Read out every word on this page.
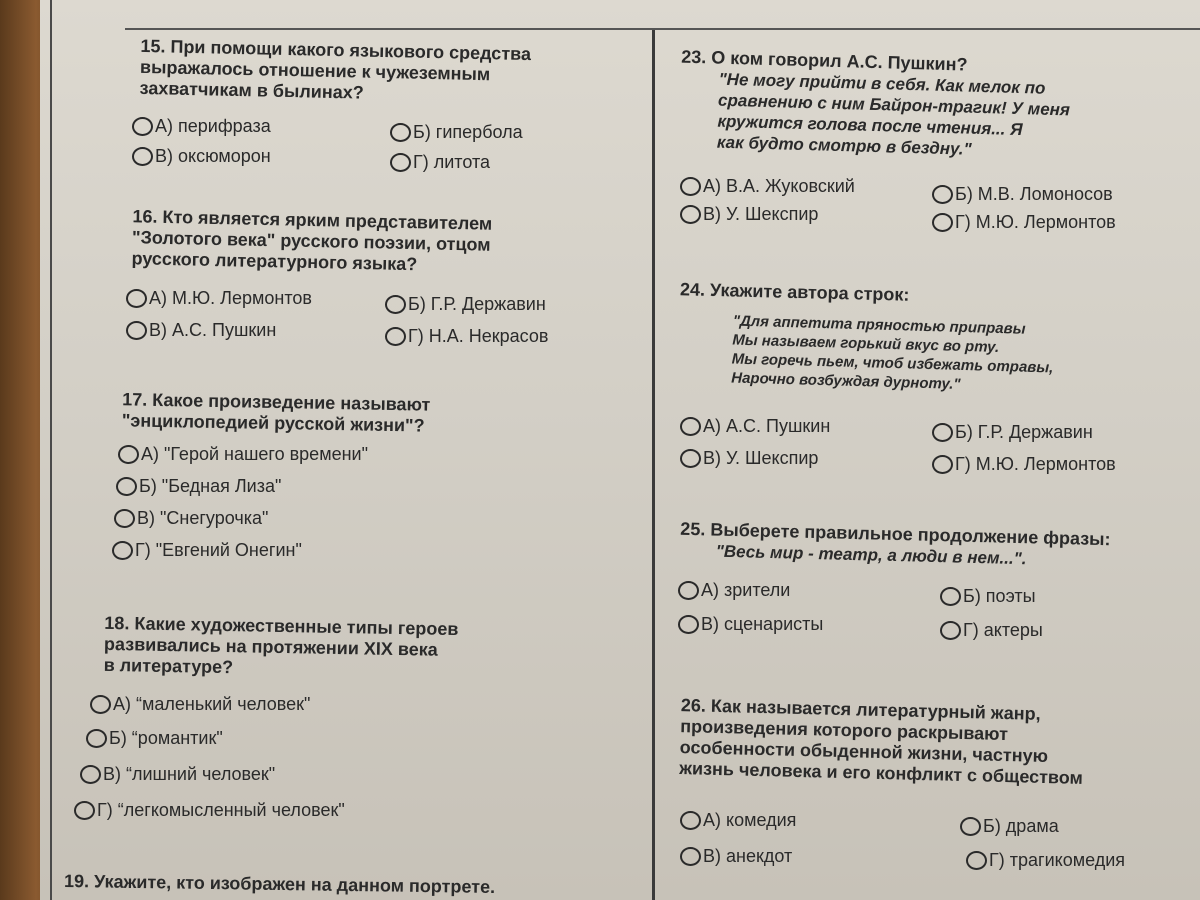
15. При помощи какого языкового средства
выражалось отношение к чужеземным
захватчикам в былинах?

А) перифраза	Б) гипербола
В) оксюморон	Г) литота

16. Кто является ярким представителем
"Золотого века" русского поэзии, отцом
русского литературного языка?

А) М.Ю. Лермонтов	Б) Г.Р. Державин
В) А.С. Пушкин	Г) Н.А. Некрасов

17. Какое произведение называют
"энциклопедией русской жизни"?

А) "Герой нашего времени"
Б) "Бедная Лиза"
В) "Снегурочка"
Г) "Евгений Онегин"

18. Какие художественные типы героев
развивались на протяжении XIX века
в литературе?

А) “маленький человек"
Б) “романтик"
В) “лишний человек"
Г) “легкомысленный человек"

19. Укажите, кто изображен на данном портрете.

23. О ком говорил А.С. Пушкин?

"Не могу прийти в себя. Как мелок по
сравнению с ним Байрон-трагик! У меня
кружится голова после чтения... Я
как будто смотрю в бездну."

А) В.А. Жуковский	Б) М.В. Ломоносов
В) У. Шекспир	Г) М.Ю. Лермонтов

24. Укажите автора строк:

"Для аппетита пряностью приправы
Мы называем горький вкус во рту.
Мы горечь пьем, чтоб избежать отравы,
Нарочно возбуждая дурноту."

А) А.С. Пушкин	Б) Г.Р. Державин
В) У. Шекспир	Г) М.Ю. Лермонтов

25. Выберете правильное продолжение фразы:

"Весь мир - театр, а люди в нем...".

А) зрители	Б) поэты
В) сценаристы	Г) актеры

26. Как называется литературный жанр,
произведения которого раскрывают
особенности обыденной жизни, частную
жизнь человека и его конфликт с обществом

А) комедия	Б) драма
В) анекдот	Г) трагикомедия
